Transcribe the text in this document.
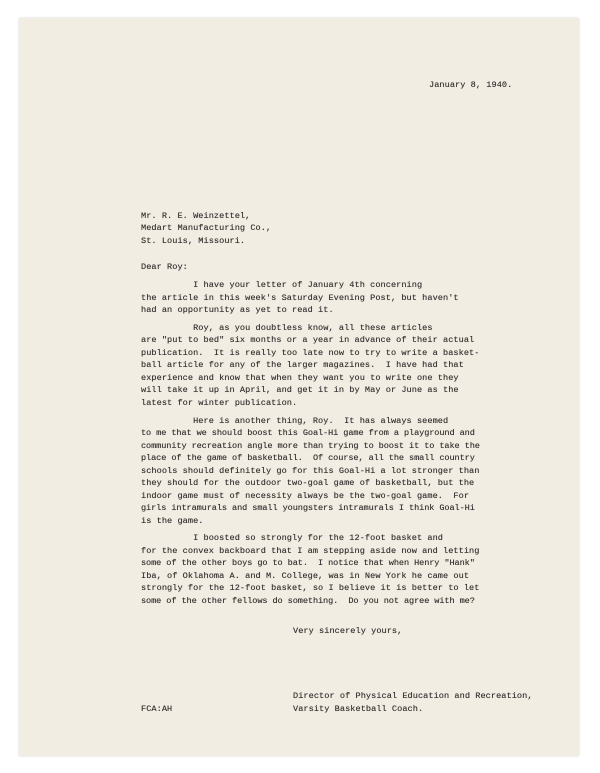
January 8, 1940.
Mr. R. E. Weinzettel,
Medart Manufacturing Co.,
St. Louis, Missouri.
Dear Roy:
I have your letter of January 4th concerning
the article in this week's Saturday Evening Post, but haven't
had an opportunity as yet to read it.
Roy, as you doubtless know, all these articles
are "put to bed" six months or a year in advance of their actual
publication.  It is really too late now to try to write a basket-
ball article for any of the larger magazines.  I have had that
experience and know that when they want you to write one they
will take it up in April, and get it in by May or June as the
latest for winter publication.
Here is another thing, Roy.  It has always seemed
to me that we should boost this Goal-Hi game from a playground and
community recreation angle more than trying to boost it to take the
place of the game of basketball.  Of course, all the small country
schools should definitely go for this Goal-Hi a lot stronger than
they should for the outdoor two-goal game of basketball, but the
indoor game must of necessity always be the two-goal game.  For
girls intramurals and small youngsters intramurals I think Goal-Hi
is the game.
I boosted so strongly for the 12-foot basket and
for the convex backboard that I am stepping aside now and letting
some of the other boys go to bat.  I notice that when Henry "Hank"
Iba, of Oklahoma A. and M. College, was in New York he came out
strongly for the 12-foot basket, so I believe it is better to let
some of the other fellows do something.  Do you not agree with me?
Very sincerely yours,
Director of Physical Education and Recreation,
Varsity Basketball Coach.
FCA:AH
